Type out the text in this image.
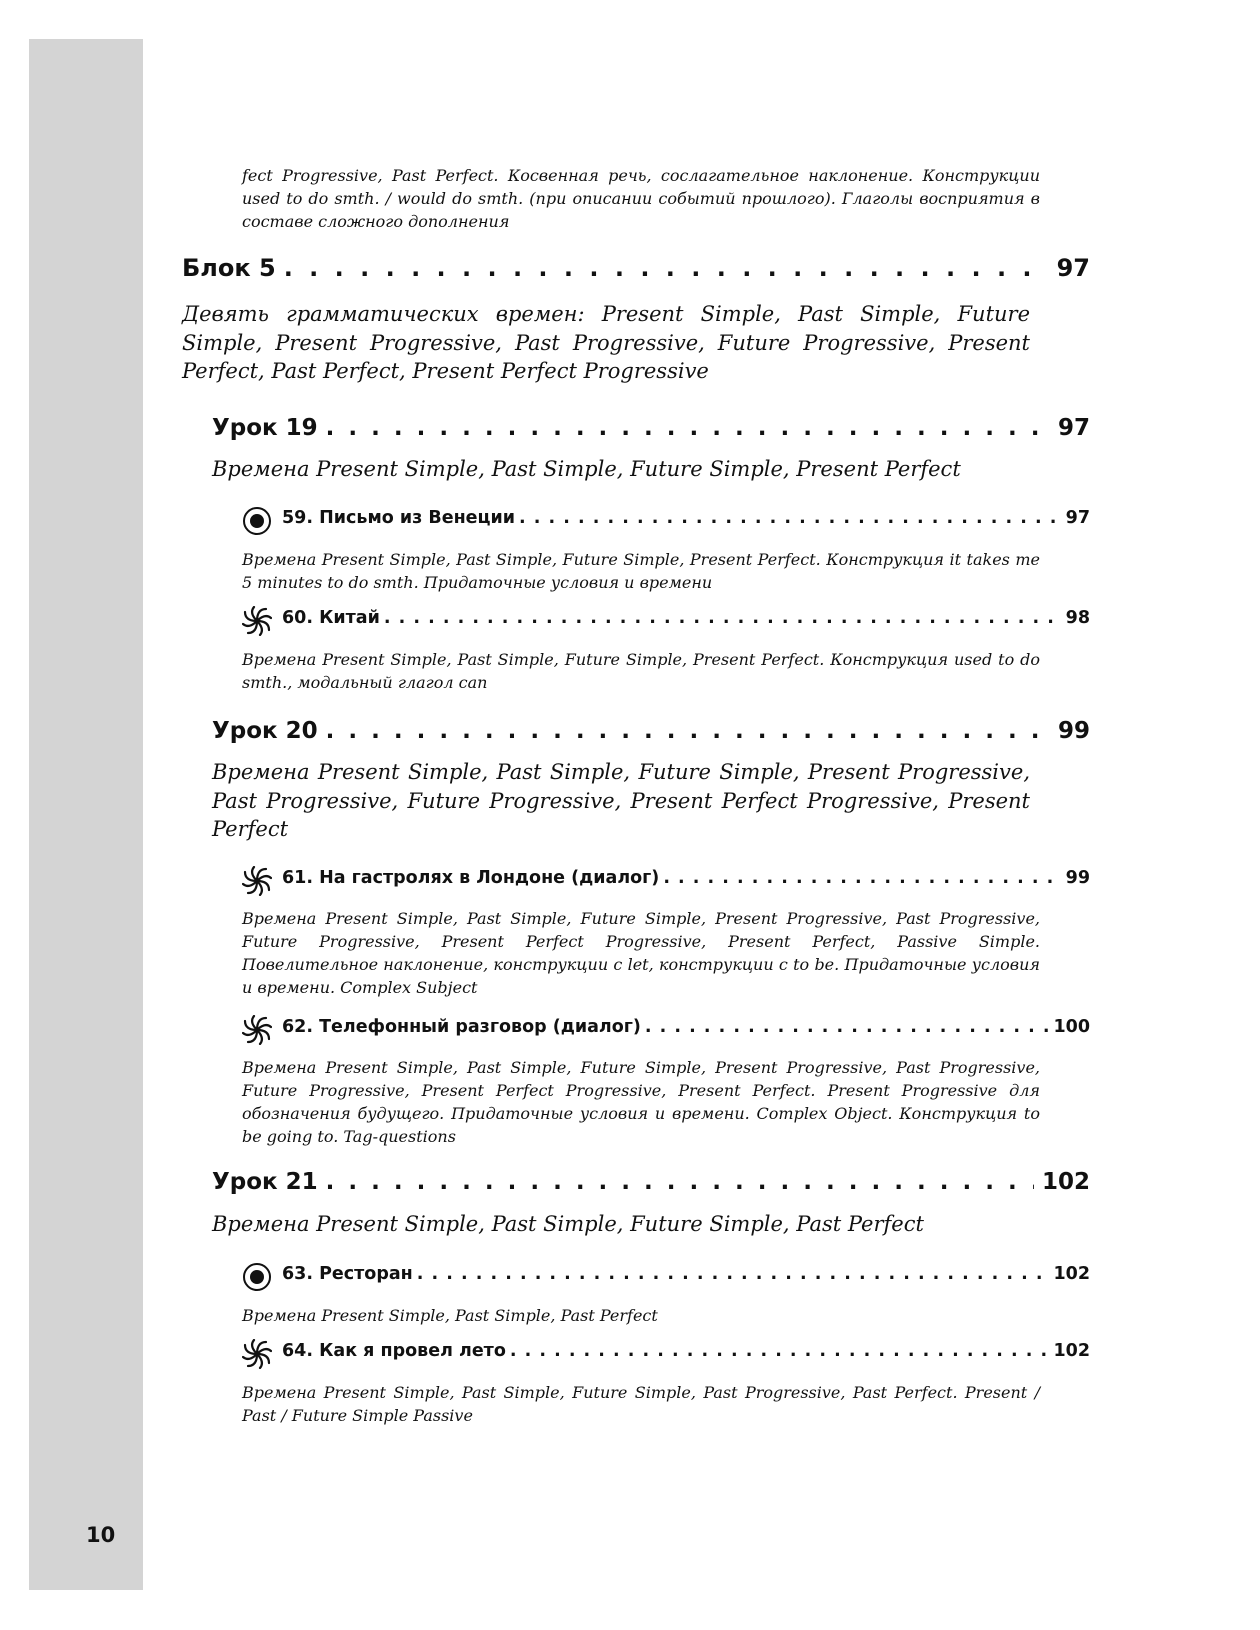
10

fect Progressive, Past Perfect. Косвенная речь, сослагательное наклонение. Конструкции used to do smth. / would do smth. (при описании событий прошлого). Глаголы восприятия в составе сложного дополнения

Блок 5 . . .	97

Девять грамматических времен: Present Simple, Past Simple, Future Simple, Present Progressive, Past Progressive, Future Progressive, Present Perfect, Past Perfect, Present Perfect Progressive

Урок 19 . . .	97

Времена Present Simple, Past Simple, Future Simple, Present Perfect

59. Письмо из Венеции . . .	97

Времена Present Simple, Past Simple, Future Simple, Present Perfect. Конструкция it takes me 5 minutes to do smth. Придаточные условия и времени

60. Китай . . .	98

Времена Present Simple, Past Simple, Future Simple, Present Perfect. Конструкция used to do smth., модальный глагол can

Урок 20 . . .	99

Времена Present Simple, Past Simple, Future Simple, Present Progressive, Past Progressive, Future Progressive, Present Perfect Progressive, Present Perfect

61. На гастролях в Лондоне (диалог) . . .	99

Времена Present Simple, Past Simple, Future Simple, Present Progressive, Past Progressive, Future Progressive, Present Perfect Progressive, Present Perfect, Passive Simple. Повелительное наклонение, конструкции с let, конструкции с to be. Придаточные условия и времени. Complex Subject

62. Телефонный разговор (диалог) . . .	100

Времена Present Simple, Past Simple, Future Simple, Present Progressive, Past Progressive, Future Progressive, Present Perfect Progressive, Present Perfect. Present Progressive для обозначения будущего. Придаточные условия и времени. Complex Object. Конструкция to be going to. Tag-questions

Урок 21 . . .	102

Времена Present Simple, Past Simple, Future Simple, Past Perfect

63. Ресторан . . .	102

Времена Present Simple, Past Simple, Past Perfect

64. Как я провел лето . . .	102

Времена Present Simple, Past Simple, Future Simple, Past Progressive, Past Perfect. Present / Past / Future Simple Passive
